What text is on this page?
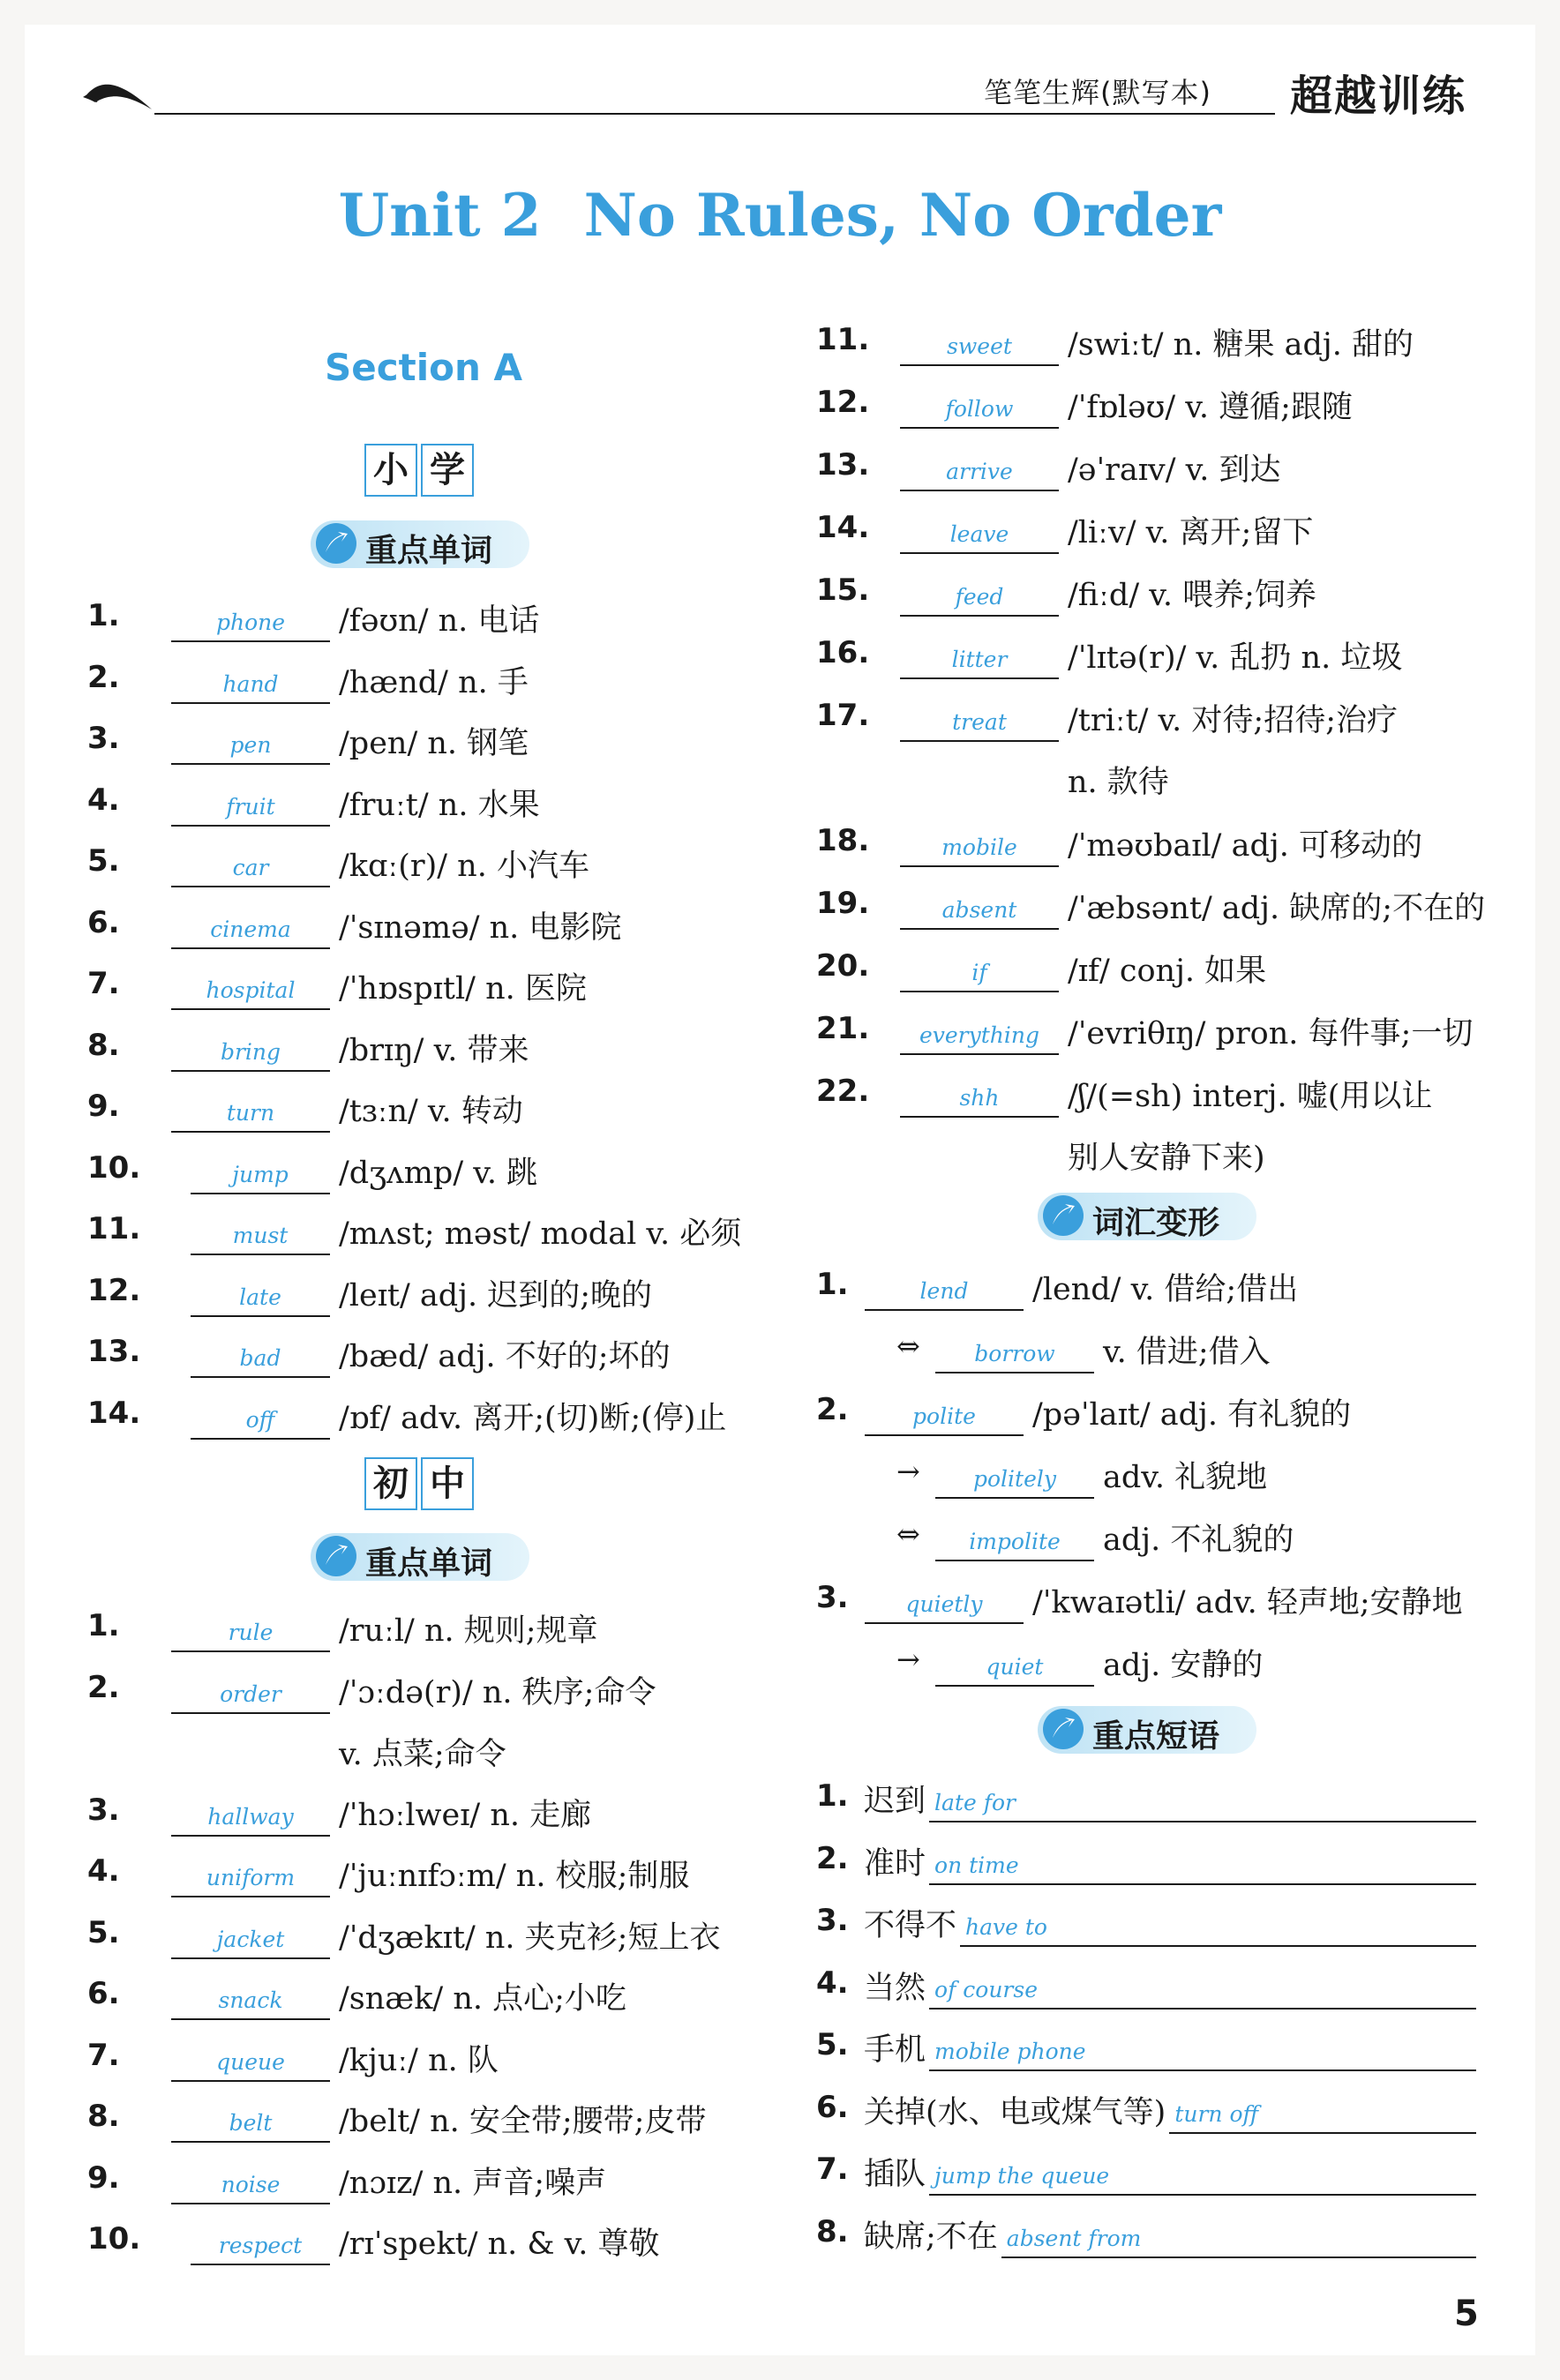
笔笔生辉(默写本) 超越训练
Unit 2 No Rules, No Order
Section A
小 学
初 中
重点单词
1.	phone	/fəʊn/ n. 电话
2.	hand	/hænd/ n. 手
3.	pen	/pen/ n. 钢笔
4.	fruit	/fruːt/ n. 水果
5.	car	/kɑː(r)/ n. 小汽车
6.	cinema	/ˈsɪnəmə/ n. 电影院
7.	hospital	/ˈhɒspɪtl/ n. 医院
8.	bring	/brɪŋ/ v. 带来
9.	turn	/tɜːn/ v. 转动
10.	jump	/dʒʌmp/ v. 跳
11.	must	/mʌst; məst/ modal v. 必须
12.	late	/leɪt/ adj. 迟到的;晚的
13.	bad	/bæd/ adj. 不好的;坏的
14.	off	/ɒf/ adv. 离开;(切)断;(停)止
重点单词
1.	rule	/ruːl/ n. 规则;规章
2.	order	/ˈɔːdə(r)/ n. 秩序;命令
v. 点菜;命令
3.	hallway	/ˈhɔːlweɪ/ n. 走廊
4.	uniform	/ˈjuːnɪfɔːm/ n. 校服;制服
5.	jacket	/ˈdʒækɪt/ n. 夹克衫;短上衣
6.	snack	/snæk/ n. 点心;小吃
7.	queue	/kjuː/ n. 队
8.	belt	/belt/ n. 安全带;腰带;皮带
9.	noise	/nɔɪz/ n. 声音;噪声
10.	respect	/rɪˈspekt/ n. & v. 尊敬
11.	sweet	/swiːt/ n. 糖果 adj. 甜的
12.	follow	/ˈfɒləʊ/ v. 遵循;跟随
13.	arrive	/əˈraɪv/ v. 到达
14.	leave	/liːv/ v. 离开;留下
15.	feed	/fiːd/ v. 喂养;饲养
16.	litter	/ˈlɪtə(r)/ v. 乱扔 n. 垃圾
17.	treat	/triːt/ v. 对待;招待;治疗
n. 款待
18.	mobile	/ˈməʊbaɪl/ adj. 可移动的
19.	absent	/ˈæbsənt/ adj. 缺席的;不在的
20.	if	/ɪf/ conj. 如果
21.	everything /ˈevriθɪŋ/ pron. 每件事;一切
22.	shh	/ʃ/(=sh) interj. 嘘(用以让
别人安静下来)
词汇变形
1.	lend	/lend/ v. 借给;借出
⇔	borrow	v. 借进;借入
2.	polite	/pəˈlaɪt/ adj. 有礼貌的
→	politely	adv. 礼貌地
⇔	impolite	adj. 不礼貌的
3.	quietly	/ˈkwaɪətli/ adv. 轻声地;安静地
→	quiet	adj. 安静的
重点短语
1. 迟到 late for
2. 准时 on time
3. 不得不 have to
4. 当然 of course
5. 手机 mobile phone
6. 关掉(水、电或煤气等) turn off
7. 插队 jump the queue
8. 缺席;不在 absent from
5
